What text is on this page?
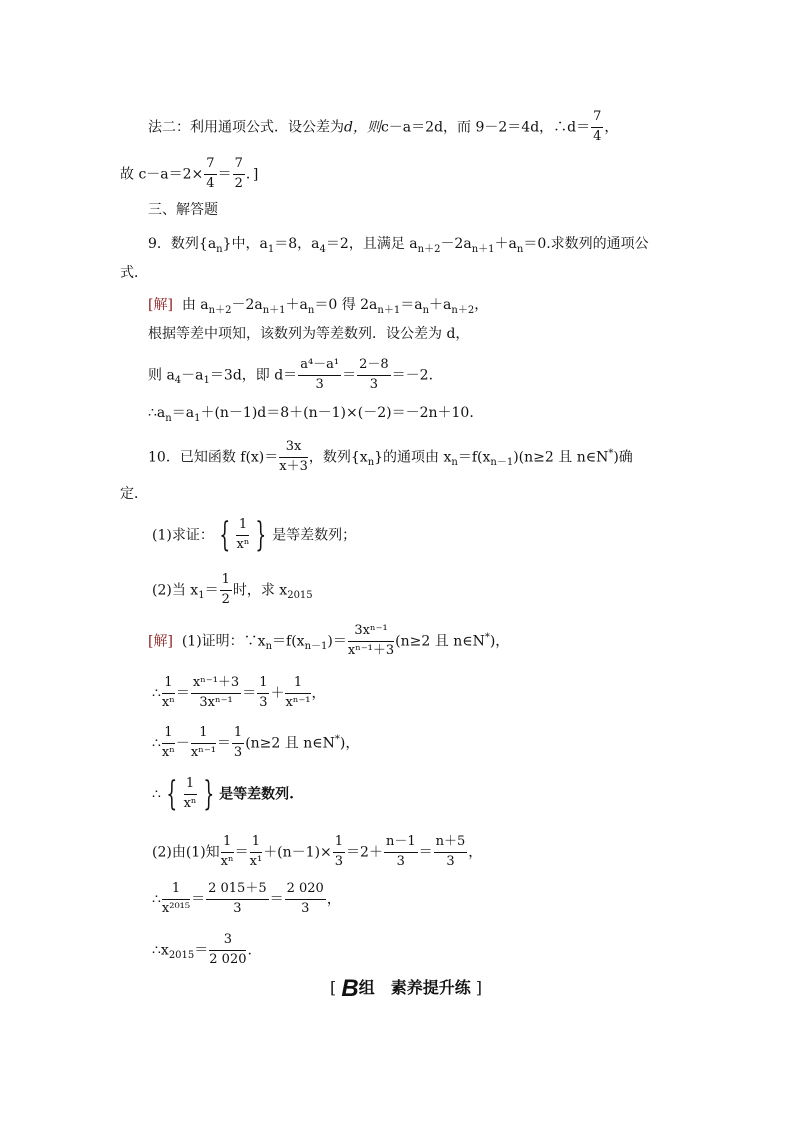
法二：利用通项公式．设公差为d，则c－a＝2d，而 9－2＝4d，∴d＝ $\frac{7}{4}$ ，
故 $c-a=2\times \frac{7}{4} = \frac{7}{2}$ ．]
三、解答题
9．数列$\{a_n\}$中，$a_1=8$，$a_4=2$，且满足 $a_{n+2}-2a_{n+1}+a_n=0$.求数列的通项公
式．
[解] 由 $a_{n+2}-2a_{n+1}+a_n=0$ 得 $2a_{n+1}=a_n+a_{n+2}$，
根据等差中项知，该数列为等差数列．设公差为 d，
则 $a_4-a_1=3d$，即 $d= \frac{\text{a⁴－a¹}}{3} = \frac{2-8}{3} =-2$.
$\therefore a_n=a_1+(n-1)d=8+(n-1)\times(-2)=-2n+10$.
10．已知函数 $f(x)= \frac{3x}{x+3}$ ，数列$\{x_n\}$的通项由 $x_n=f(x_{n-1})(n\ge 2$ 且 n∈N*)确
定．
(1)求证： { $\frac{1}{\text{xⁿ}}$ } 是等差数列；
(2)当 $x_1= \frac{1}{2}$ 时，求 $x_{2015}$
[解] (1)证明：$\because x_n=f(x_{n-1})= \frac{\text{3xⁿ⁻¹}}{\text{xⁿ⁻¹＋3}} (n\ge 2$ 且 n∈N*)，
∴ $\frac{1}{\text{xⁿ}} = \frac{\text{xⁿ⁻¹＋3}}{\text{3xⁿ⁻¹}} = \frac{1}{3} + \frac{1}{\text{xⁿ⁻¹}}$ ，
∴ $\frac{1}{\text{xⁿ}} - \frac{1}{\text{xⁿ⁻¹}} = \frac{1}{3} (n\ge 2$ 且 n∈N*)，
∴ { $\frac{1}{\text{xⁿ}}$ } 是等差数列.
(2)由(1)知 $\frac{1}{\text{xⁿ}} = \frac{1}{\text{x¹}} +(n-1)\times \frac{1}{3} =2+ \frac{n-1}{3} = \frac{n+5}{3}$ ，
∴ $\frac{1}{\text{x²⁰¹⁵}} = \frac{2 015+5}{3} = \frac{2 020}{3}$ ，
$\therefore x_{2015}= \frac{3}{2 020}$ .
[ B组　素养提升练 ]
